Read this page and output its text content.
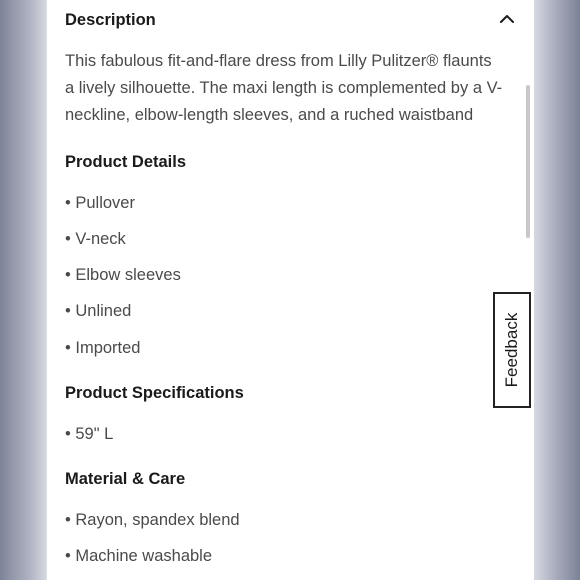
Description
This fabulous fit-and-flare dress from Lilly Pulitzer® flaunts a lively silhouette. The maxi length is complemented by a V-neckline, elbow-length sleeves, and a ruched waistband
Product Details
• Pullover
• V-neck
• Elbow sleeves
• Unlined
• Imported
Product Specifications
• 59" L
Material & Care
• Rayon, spandex blend
• Machine washable
Feedback
